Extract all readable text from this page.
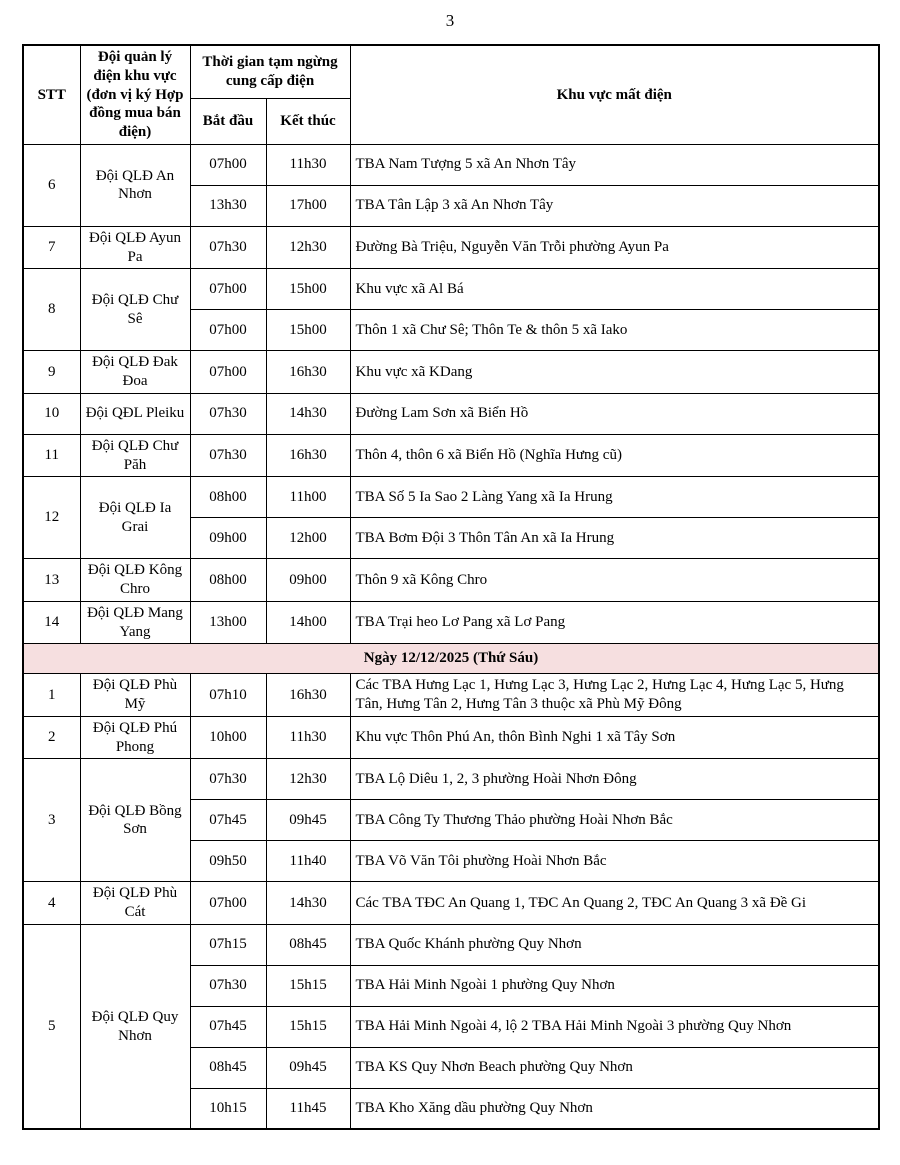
3
STT	Đội quản lý điện khu vực (đơn vị ký Hợp đồng mua bán điện)	Thời gian tạm ngừng cung cấp điện		Khu vực mất điện
		Bắt đầu	Kết thúc	
6	Đội QLĐ An Nhơn	07h00	11h30	TBA Nam Tượng 5 xã An Nhơn Tây
		13h30	17h00	TBA Tân Lập 3 xã An Nhơn Tây
7	Đội QLĐ Ayun Pa	07h30	12h30	Đường Bà Triệu, Nguyễn Văn Trỗi phường Ayun Pa
8	Đội QLĐ Chư Sê	07h00	15h00	Khu vực xã Al Bá
		07h00	15h00	Thôn 1 xã Chư Sê; Thôn Te & thôn 5 xã Iako
9	Đội QLĐ Đak Đoa	07h00	16h30	Khu vực xã KDang
10	Đội QĐL Pleiku	07h30	14h30	Đường Lam Sơn xã Biển Hồ
11	Đội QLĐ Chư Păh	07h30	16h30	Thôn 4, thôn 6 xã Biển Hồ (Nghĩa Hưng cũ)
12	Đội QLĐ Ia Grai	08h00	11h00	TBA Số 5 Ia Sao 2 Làng Yang xã Ia Hrung
		09h00	12h00	TBA Bơm Đội 3 Thôn Tân An xã Ia Hrung
13	Đội QLĐ Kông Chro	08h00	09h00	Thôn 9 xã Kông Chro
14	Đội QLĐ Mang Yang	13h00	14h00	TBA Trại heo Lơ Pang xã Lơ Pang
Ngày 12/12/2025 (Thứ Sáu)				
1	Đội QLĐ Phù Mỹ	07h10	16h30	Các TBA Hưng Lạc 1, Hưng Lạc 3, Hưng Lạc 2, Hưng Lạc 4, Hưng Lạc 5, Hưng Tân, Hưng Tân 2, Hưng Tân 3 thuộc xã Phù Mỹ Đông
2	Đội QLĐ Phú Phong	10h00	11h30	Khu vực Thôn Phú An, thôn Bình Nghi 1 xã Tây Sơn
3	Đội QLĐ Bồng Sơn	07h30	12h30	TBA Lộ Diêu 1, 2, 3 phường Hoài Nhơn Đông
		07h45	09h45	TBA Công Ty Thương Thảo phường Hoài Nhơn Bắc
		09h50	11h40	TBA Võ Văn Tôi phường Hoài Nhơn Bắc
4	Đội QLĐ Phù Cát	07h00	14h30	Các TBA TĐC An Quang 1, TĐC An Quang 2, TĐC An Quang 3 xã Đề Gi
5	Đội QLĐ Quy Nhơn	07h15	08h45	TBA Quốc Khánh phường Quy Nhơn
		07h30	15h15	TBA Hải Minh Ngoài 1 phường Quy Nhơn
		07h45	15h15	TBA Hải Minh Ngoài 4, lộ 2 TBA Hải Minh Ngoài 3 phường Quy Nhơn
		08h45	09h45	TBA KS Quy Nhơn Beach phường Quy Nhơn
		10h15	11h45	TBA Kho Xăng dầu phường Quy Nhơn
